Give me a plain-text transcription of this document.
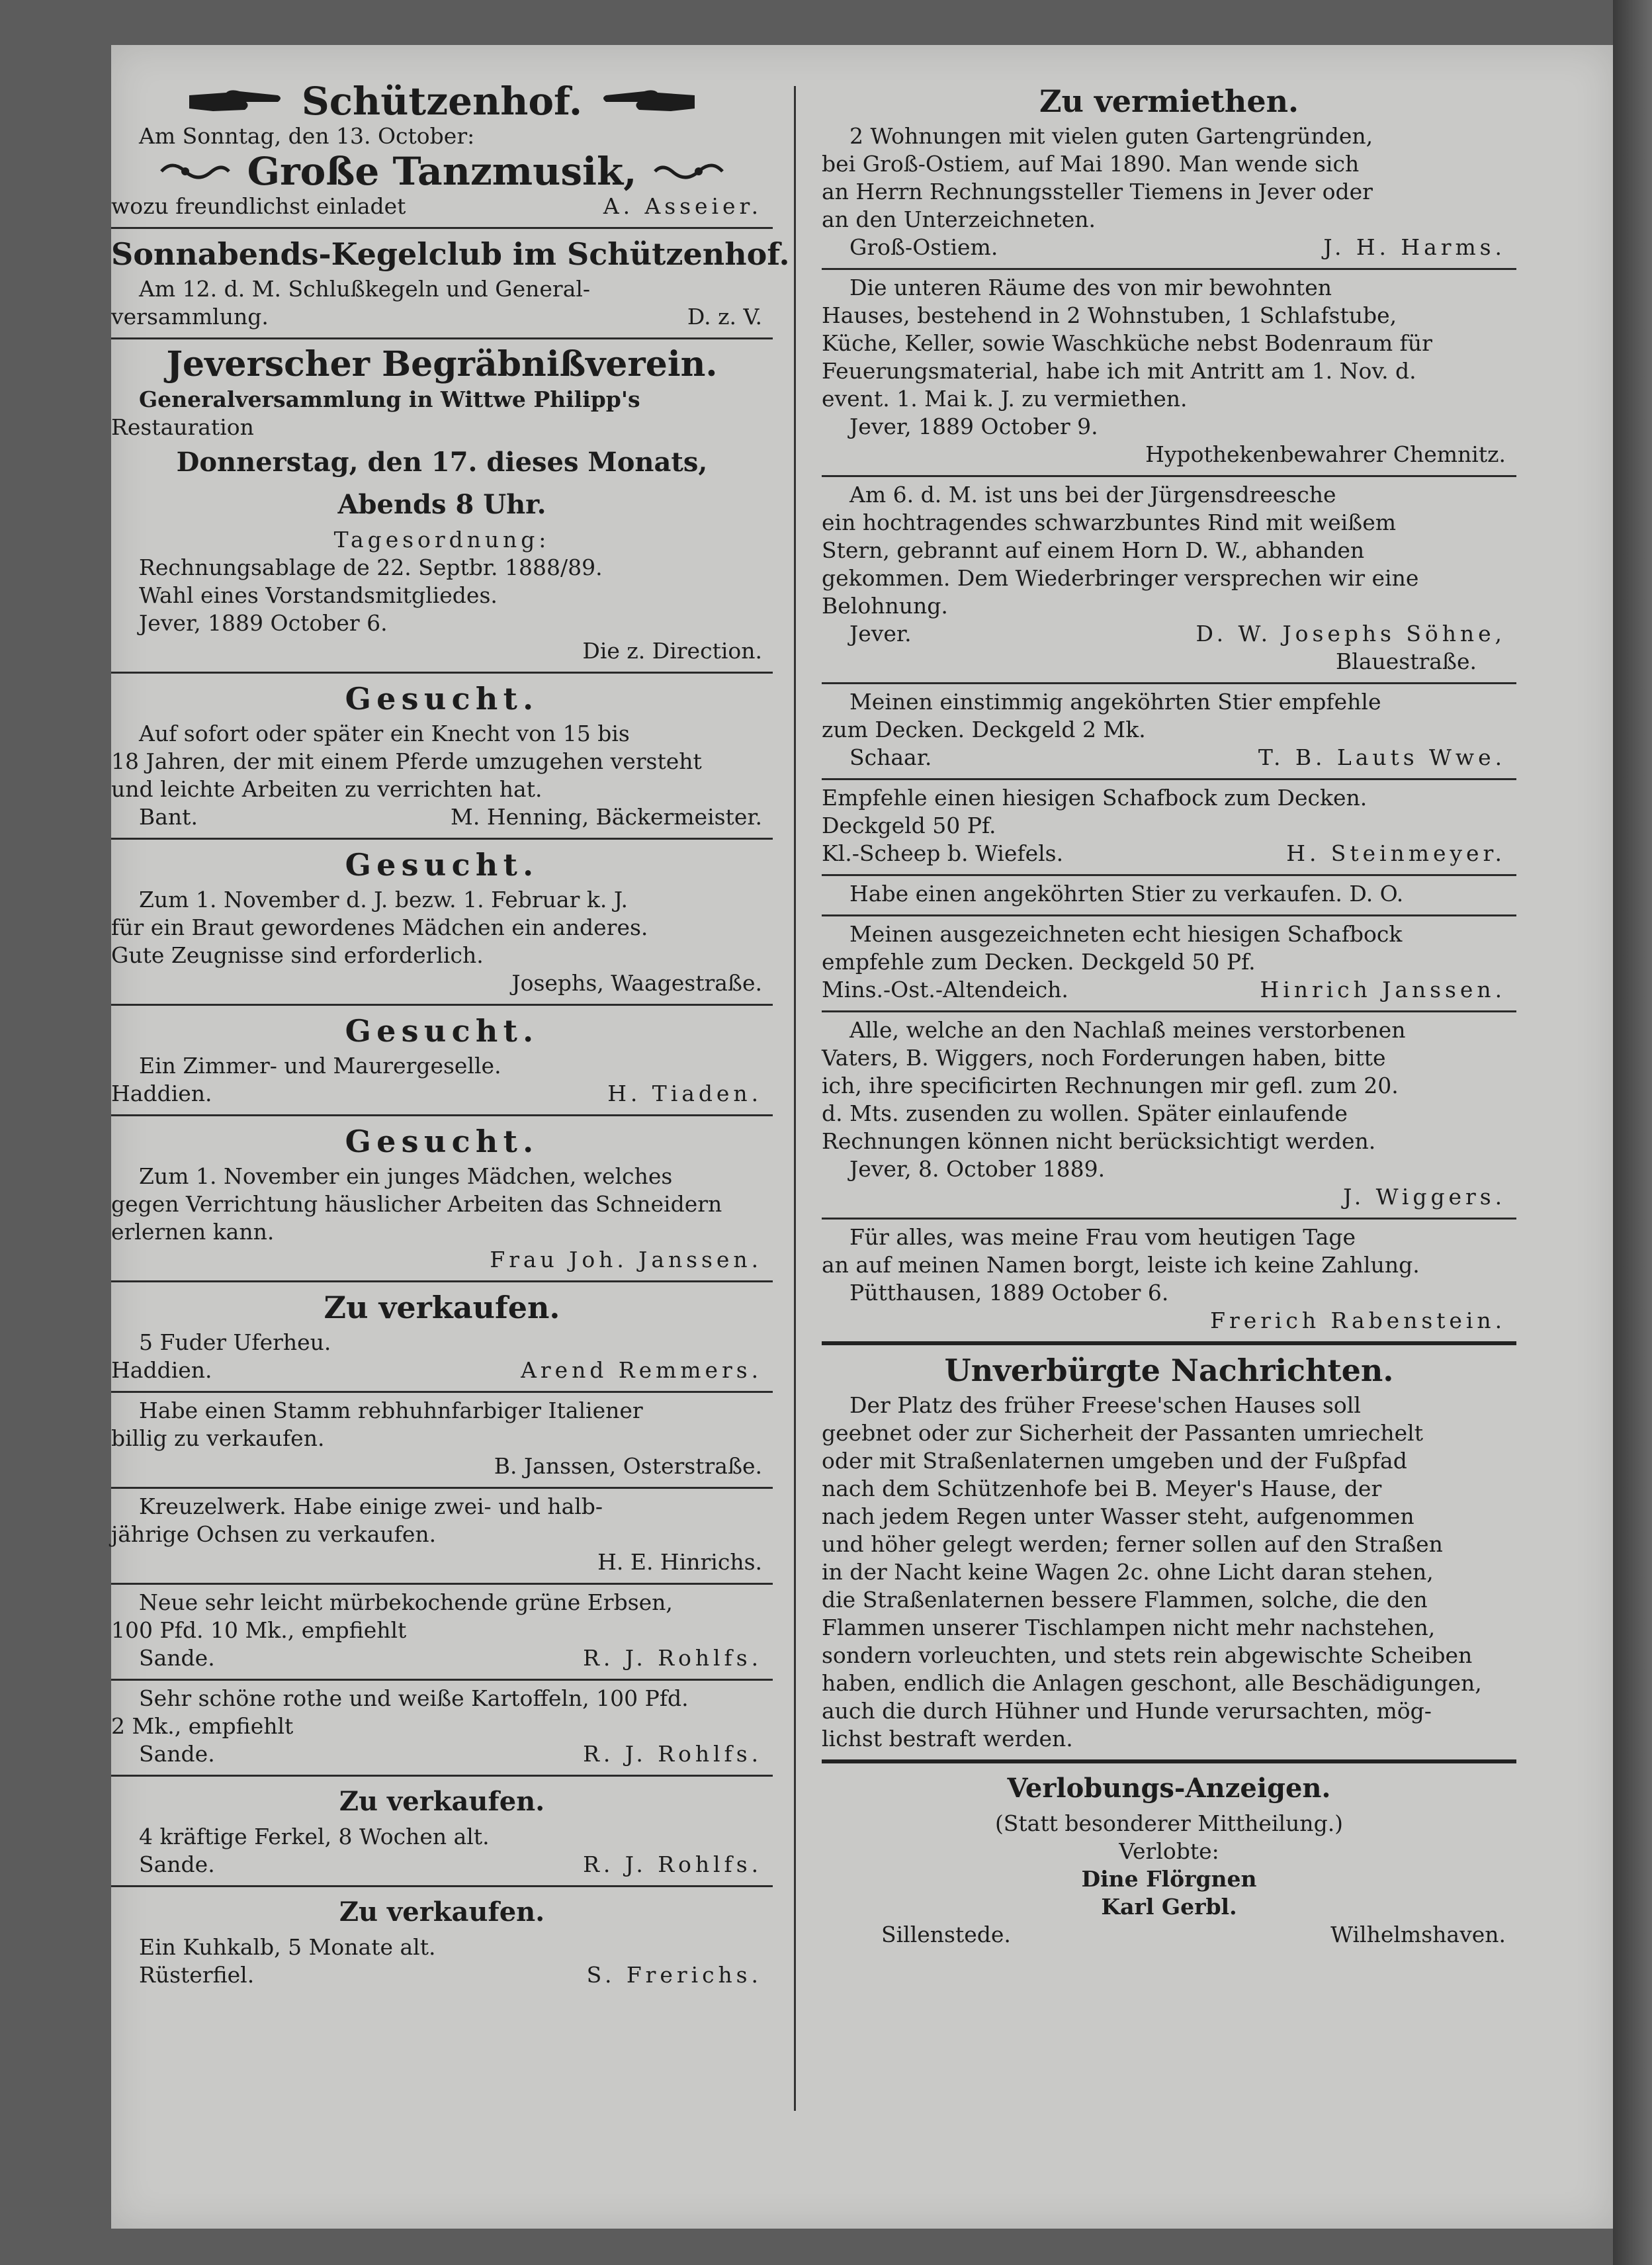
Schützenhof.
Am Sonntag, den 13. October:
Große Tanzmusik,
wozu freundlichst einladet	A. Asseier.
Sonnabends-Kegelclub im Schützenhof.
Am 12. d. M. Schlußkegeln und General-
versammlung.	D. z. V.
Jeverscher Begräbnißverein.
Generalversammlung in Wittwe Philipp's
Restauration
Donnerstag, den 17. dieses Monats,
Abends 8 Uhr.
Tagesordnung:
Rechnungsablage de 22. Septbr. 1888/89.
Wahl eines Vorstandsmitgliedes.
Jever, 1889 October 6.
Die z. Direction.
Gesucht.
Auf sofort oder später ein Knecht von 15 bis
18 Jahren, der mit einem Pferde umzugehen versteht
und leichte Arbeiten zu verrichten hat.
Bant.	M. Henning, Bäckermeister.
Gesucht.
Zum 1. November d. J. bezw. 1. Februar k. J.
für ein Braut gewordenes Mädchen ein anderes.
Gute Zeugnisse sind erforderlich.
Josephs, Waagestraße.
Gesucht.
Ein Zimmer- und Maurergeselle.
Haddien.	H. Tiaden.
Gesucht.
Zum 1. November ein junges Mädchen, welches
gegen Verrichtung häuslicher Arbeiten das Schneidern
erlernen kann.
Frau Joh. Janssen.
Zu verkaufen.
5 Fuder Uferheu.
Haddien.	Arend Remmers.
Habe einen Stamm rebhuhnfarbiger Italiener
billig zu verkaufen.
B. Janssen, Osterstraße.
Kreuzelwerk. Habe einige zwei- und halb-
jährige Ochsen zu verkaufen.
H. E. Hinrichs.
Neue sehr leicht mürbekochende grüne Erbsen,
100 Pfd. 10 Mk., empfiehlt
Sande.	R. J. Rohlfs.
Sehr schöne rothe und weiße Kartoffeln, 100 Pfd.
2 Mk., empfiehlt
Sande.	R. J. Rohlfs.
Zu verkaufen.
4 kräftige Ferkel, 8 Wochen alt.
Sande.	R. J. Rohlfs.
Zu verkaufen.
Ein Kuhkalb, 5 Monate alt.
Rüsterfiel.	S. Frerichs.
Zu vermiethen.
2 Wohnungen mit vielen guten Gartengründen,
bei Groß-Ostiem, auf Mai 1890. Man wende sich
an Herrn Rechnungssteller Tiemens in Jever oder
an den Unterzeichneten.
Groß-Ostiem.	J. H. Harms.
Die unteren Räume des von mir bewohnten
Hauses, bestehend in 2 Wohnstuben, 1 Schlafstube,
Küche, Keller, sowie Waschküche nebst Bodenraum für
Feuerungsmaterial, habe ich mit Antritt am 1. Nov. d.
event. 1. Mai k. J. zu vermiethen.
Jever, 1889 October 9.
Hypothekenbewahrer Chemnitz.
Am 6. d. M. ist uns bei der Jürgensdreesche
ein hochtragendes schwarzbuntes Rind mit weißem
Stern, gebrannt auf einem Horn D. W., abhanden
gekommen. Dem Wiederbringer versprechen wir eine
Belohnung.
Jever.	D. W. Josephs Söhne,
Blauestraße.
Meinen einstimmig angeköhrten Stier empfehle
zum Decken. Deckgeld 2 Mk.
Schaar.	T. B. Lauts Wwe.
Empfehle einen hiesigen Schafbock zum Decken.
Deckgeld 50 Pf.
Kl.-Scheep b. Wiefels.	H. Steinmeyer.
Habe einen angeköhrten Stier zu verkaufen. D. O.
Meinen ausgezeichneten echt hiesigen Schafbock
empfehle zum Decken. Deckgeld 50 Pf.
Mins.-Ost.-Altendeich.	Hinrich Janssen.
Alle, welche an den Nachlaß meines verstorbenen
Vaters, B. Wiggers, noch Forderungen haben, bitte
ich, ihre specificirten Rechnungen mir gefl. zum 20.
d. Mts. zusenden zu wollen. Später einlaufende
Rechnungen können nicht berücksichtigt werden.
Jever, 8. October 1889.
J. Wiggers.
Für alles, was meine Frau vom heutigen Tage
an auf meinen Namen borgt, leiste ich keine Zahlung.
Pütthausen, 1889 October 6.
Frerich Rabenstein.
Unverbürgte Nachrichten.
Der Platz des früher Freese'schen Hauses soll
geebnet oder zur Sicherheit der Passanten umriechelt
oder mit Straßenlaternen umgeben und der Fußpfad
nach dem Schützenhofe bei B. Meyer's Hause, der
nach jedem Regen unter Wasser steht, aufgenommen
und höher gelegt werden; ferner sollen auf den Straßen
in der Nacht keine Wagen 2c. ohne Licht daran stehen,
die Straßenlaternen bessere Flammen, solche, die den
Flammen unserer Tischlampen nicht mehr nachstehen,
sondern vorleuchten, und stets rein abgewischte Scheiben
haben, endlich die Anlagen geschont, alle Beschädigungen,
auch die durch Hühner und Hunde verursachten, mög-
lichst bestraft werden.
Verlobungs-Anzeigen.
(Statt besonderer Mittheilung.)
Verlobte:
Dine Flörgnen
Karl Gerbl.
Sillenstede.	Wilhelmshaven.
